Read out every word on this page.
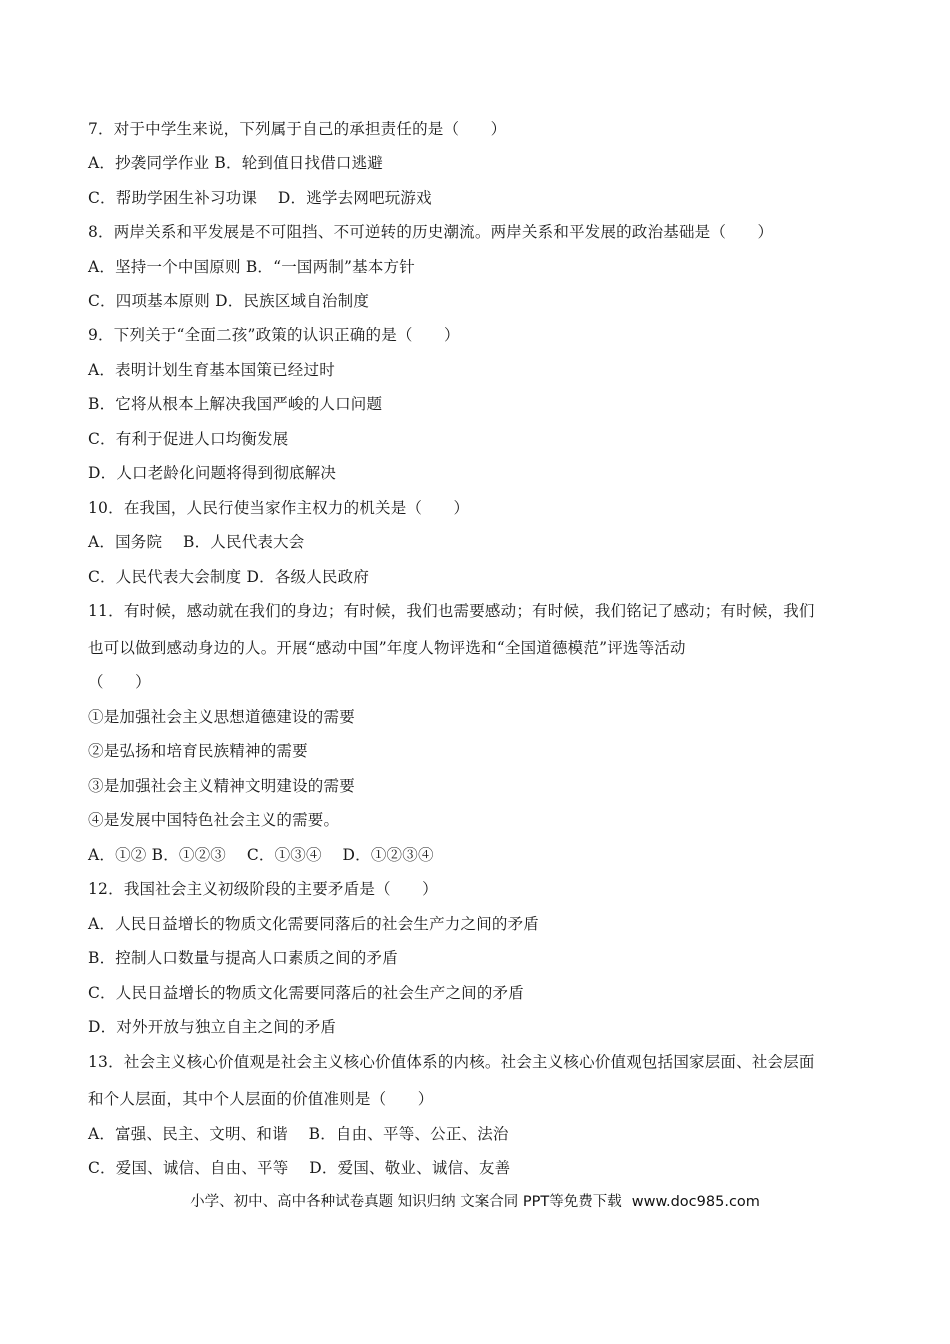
7．对于中学生来说，下列属于自己的承担责任的是（　　）
A．抄袭同学作业 B．轮到值日找借口逃避
C．帮助学困生补习功课　 D．逃学去网吧玩游戏
8．两岸关系和平发展是不可阻挡、不可逆转的历史潮流。两岸关系和平发展的政治基础是（　　）
A．坚持一个中国原则 B．“一国两制”基本方针
C．四项基本原则 D．民族区域自治制度
9．下列关于“全面二孩”政策的认识正确的是（　　）
A．表明计划生育基本国策已经过时
B．它将从根本上解决我国严峻的人口问题
C．有利于促进人口均衡发展
D．人口老龄化问题将得到彻底解决
10．在我国，人民行使当家作主权力的机关是（　　）
A．国务院　 B．人民代表大会
C．人民代表大会制度 D．各级人民政府
11．有时候，感动就在我们的身边；有时候，我们也需要感动；有时候，我们铭记了感动；有时候，我们
也可以做到感动身边的人。开展“感动中国”年度人物评选和“全国道德模范”评选等活动
（　　）
①是加强社会主义思想道德建设的需要
②是弘扬和培育民族精神的需要
③是加强社会主义精神文明建设的需要
④是发展中国特色社会主义的需要。
A．①② B．①②③　 C．①③④　 D．①②③④
12．我国社会主义初级阶段的主要矛盾是（　　）
A．人民日益增长的物质文化需要同落后的社会生产力之间的矛盾
B．控制人口数量与提高人口素质之间的矛盾
C．人民日益增长的物质文化需要同落后的社会生产之间的矛盾
D．对外开放与独立自主之间的矛盾
13．社会主义核心价值观是社会主义核心价值体系的内核。社会主义核心价值观包括国家层面、社会层面
和个人层面，其中个人层面的价值准则是（　　）
A．富强、民主、文明、和谐　 B．自由、平等、公正、法治
C．爱国、诚信、自由、平等　 D．爱国、敬业、诚信、友善
小学、初中、高中各种试卷真题 知识归纳 文案合同 PPT等免费下载 www.doc985.com
